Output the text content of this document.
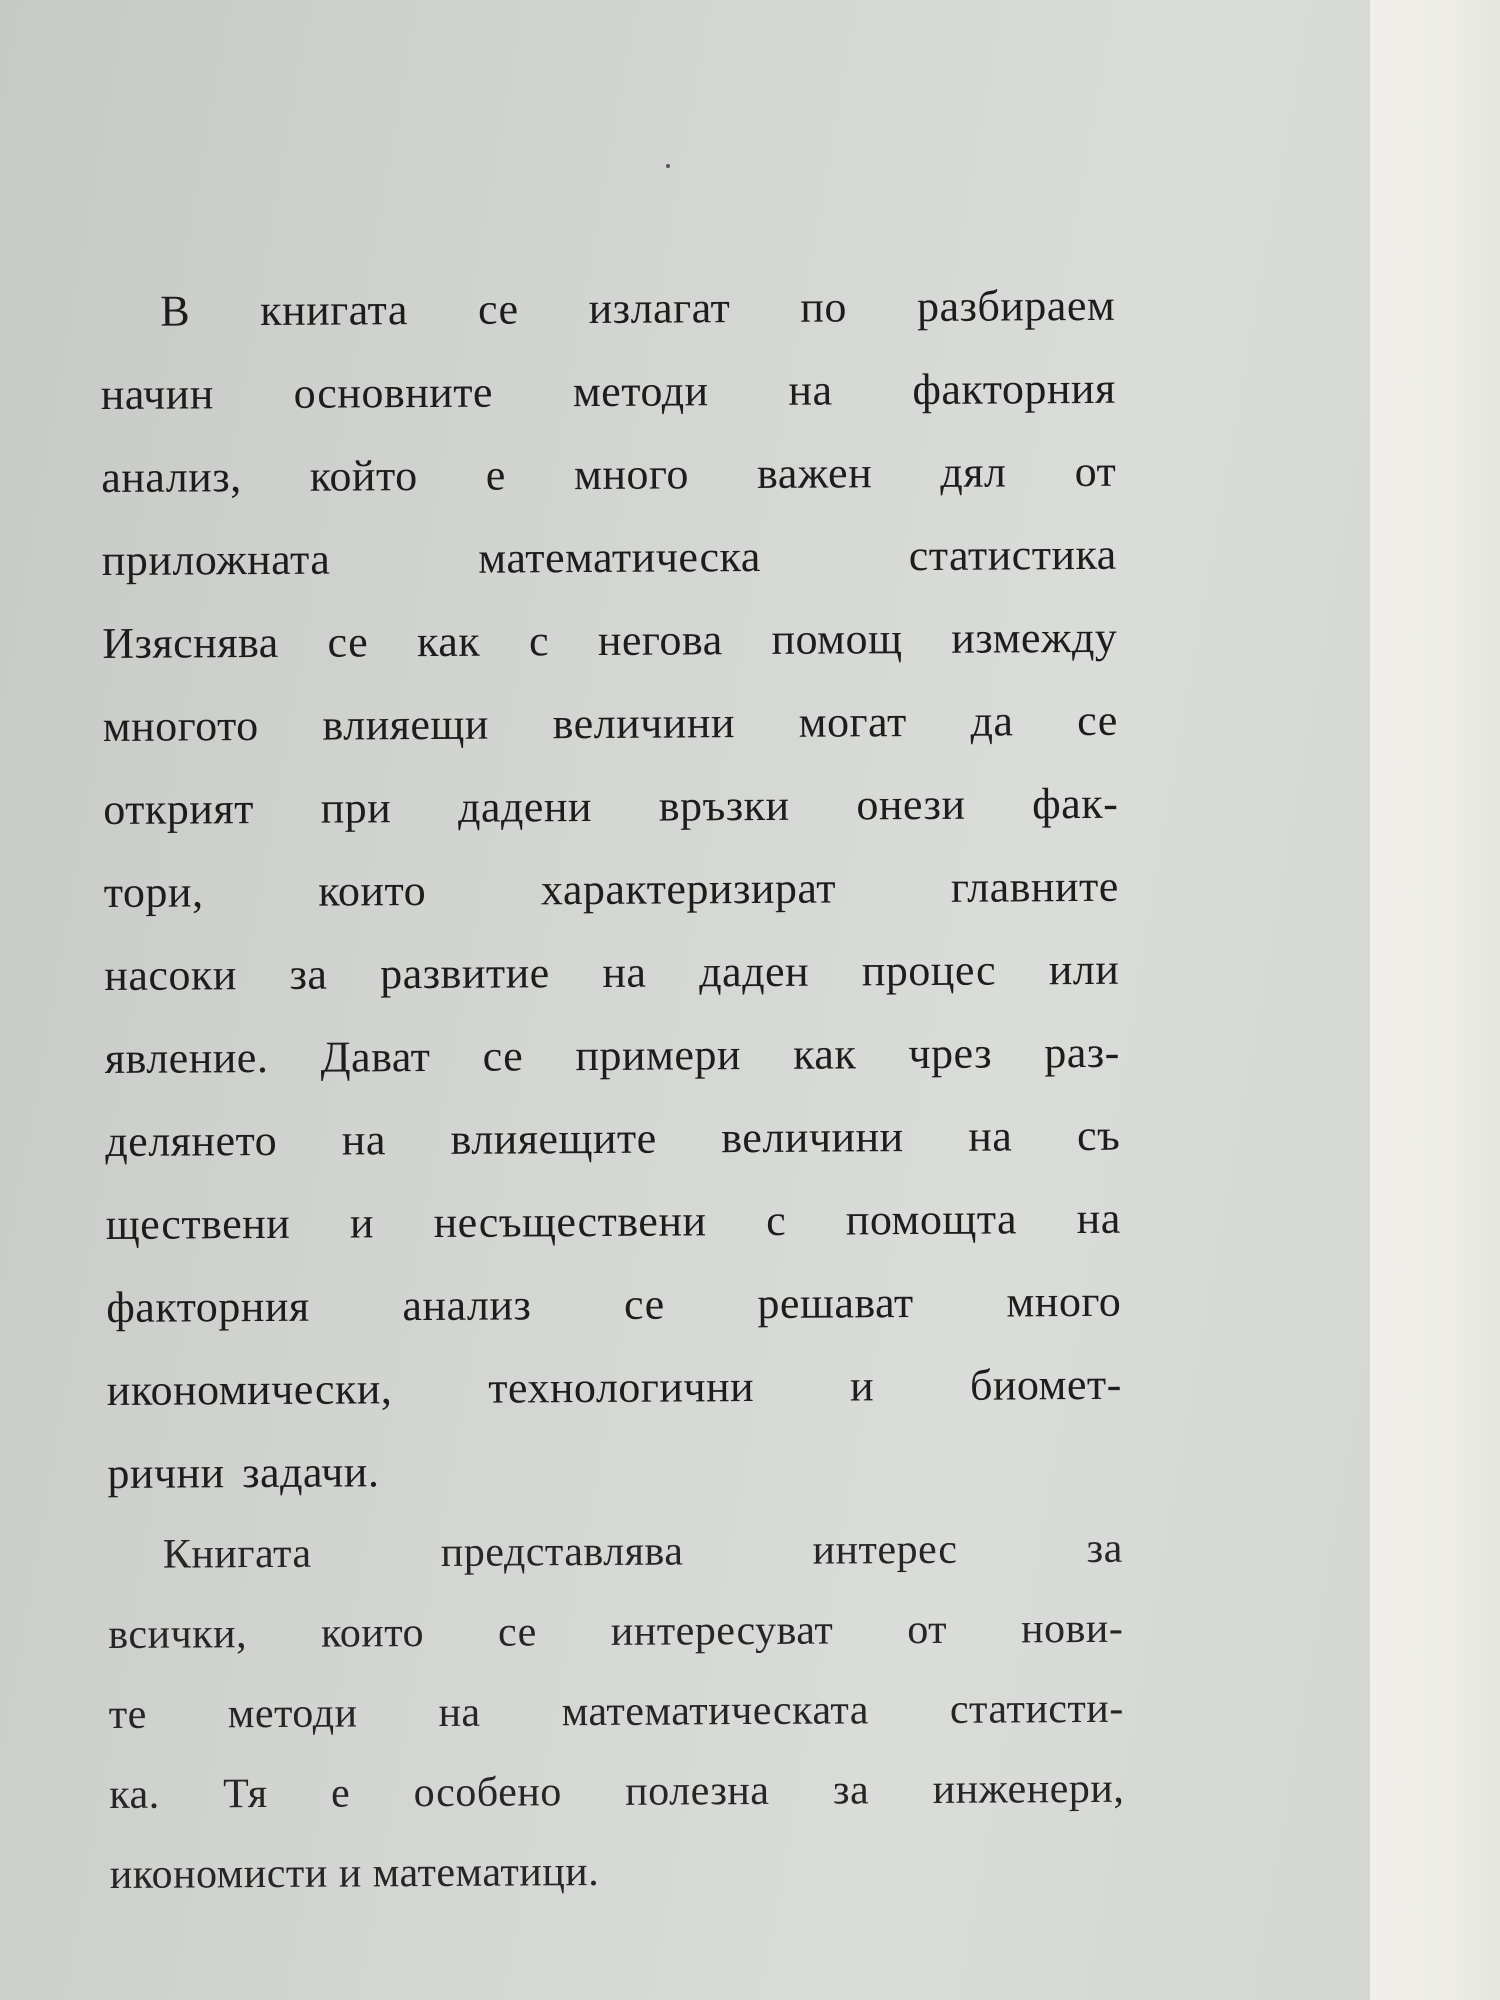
В книгата се излагат по разбираем
начин основните методи на факторния
анализ, който е много важен дял от
приложната математическа статистика
Изяснява се как с негова помощ измежду
многото влияещи величини могат да се
открият при дадени връзки онези фак-
тори, които характеризират главните
насоки за развитие на даден процес или
явление. Дават се примери как чрез раз-
делянето на влияещите величини на съ
ществени и несъществени с помощта на
факторния анализ се решават много
икономически, технологични и биомет-
рични задачи.
Книгата представлява интерес за
всички, които се интересуват от нови-
те методи на математическата статисти-
ка. Тя е особено полезна за инженери,
икономисти и математици.
